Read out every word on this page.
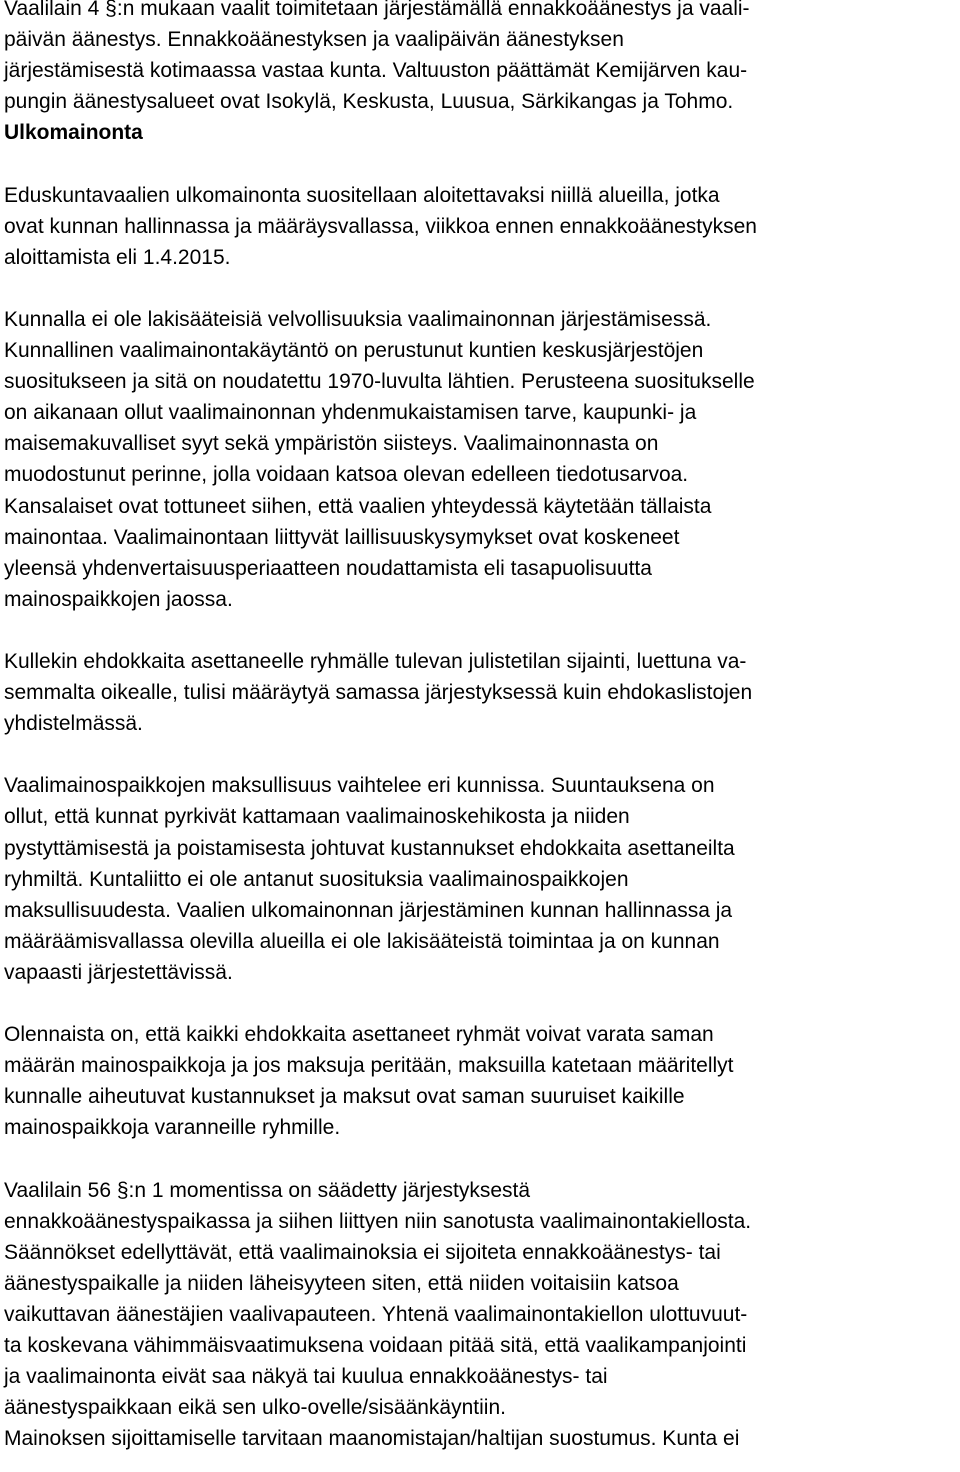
Vaalilain 4 §:n mukaan vaalit toimitetaan järjestämällä ennakkoäänestys ja vaali-
päivän äänestys. Ennakkoäänestyksen ja vaalipäivän äänestyksen
järjestämisestä kotimaassa vastaa kunta. Valtuuston päättämät Kemijärven kau-
pungin äänestysalueet ovat Isokylä, Keskusta, Luusua, Särkikangas ja Tohmo.
Ulkomainonta
Eduskuntavaalien ulkomainonta suositellaan aloitettavaksi niillä alueilla, jotka
ovat kunnan hallinnassa ja määräysvallassa, viikkoa ennen ennakkoäänestyksen
aloittamista eli 1.4.2015.
Kunnalla ei ole lakisääteisiä velvollisuuksia vaalimainonnan järjestämisessä.
Kunnallinen vaalimainontakäytäntö on perustunut kuntien keskusjärjestöjen
suositukseen ja sitä on noudatettu 1970-luvulta lähtien. Perusteena suositukselle
on aikanaan ollut vaalimainonnan yhdenmukaistamisen tarve, kaupunki- ja
maisemakuvalliset syyt sekä ympäristön siisteys. Vaalimainonnasta on
muodostunut perinne, jolla voidaan katsoa olevan edelleen tiedotusarvoa.
Kansalaiset ovat tottuneet siihen, että vaalien yhteydessä käytetään tällaista
mainontaa. Vaalimainontaan liittyvät laillisuuskysymykset ovat koskeneet
yleensä yhdenvertaisuusperiaatteen noudattamista eli tasapuolisuutta
mainospaikkojen jaossa.
Kullekin ehdokkaita asettaneelle ryhmälle tulevan julistetilan sijainti, luettuna va-
semmalta oikealle, tulisi määräytyä samassa järjestyksessä kuin ehdokaslistojen
yhdistelmässä.
Vaalimainospaikkojen maksullisuus vaihtelee eri kunnissa. Suuntauksena on
ollut, että kunnat pyrkivät kattamaan vaalimainoskehikosta ja niiden
pystyttämisestä ja poistamisesta johtuvat kustannukset ehdokkaita asettaneilta
ryhmiltä. Kuntaliitto ei ole antanut suosituksia vaalimainospaikkojen
maksullisuudesta. Vaalien ulkomainonnan järjestäminen kunnan hallinnassa ja
määräämisvallassa olevilla alueilla ei ole lakisääteistä toimintaa ja on kunnan
vapaasti järjestettävissä.
Olennaista on, että kaikki ehdokkaita asettaneet ryhmät voivat varata saman
määrän mainospaikkoja ja jos maksuja peritään, maksuilla katetaan määritellyt
kunnalle aiheutuvat kustannukset ja maksut ovat saman suuruiset kaikille
mainospaikkoja varanneille ryhmille.
Vaalilain 56 §:n 1 momentissa on säädetty järjestyksestä
ennakkoäänestyspaikassa ja siihen liittyen niin sanotusta vaalimainontakiellosta.
Säännökset edellyttävät, että vaalimainoksia ei sijoiteta ennakkoäänestys- tai
äänestyspaikalle ja niiden läheisyyteen siten, että niiden voitaisiin katsoa
vaikuttavan äänestäjien vaalivapauteen. Yhtenä vaalimainontakiellon ulottuvuut-
ta koskevana vähimmäisvaatimuksena voidaan pitää sitä, että vaalikampanjointi
ja vaalimainonta eivät saa näkyä tai kuulua ennakkoäänestys- tai
äänestyspaikkaan eikä sen ulko-ovelle/sisäänkäyntiin.
Mainoksen sijoittamiselle tarvitaan maanomistajan/haltijan suostumus. Kunta ei
